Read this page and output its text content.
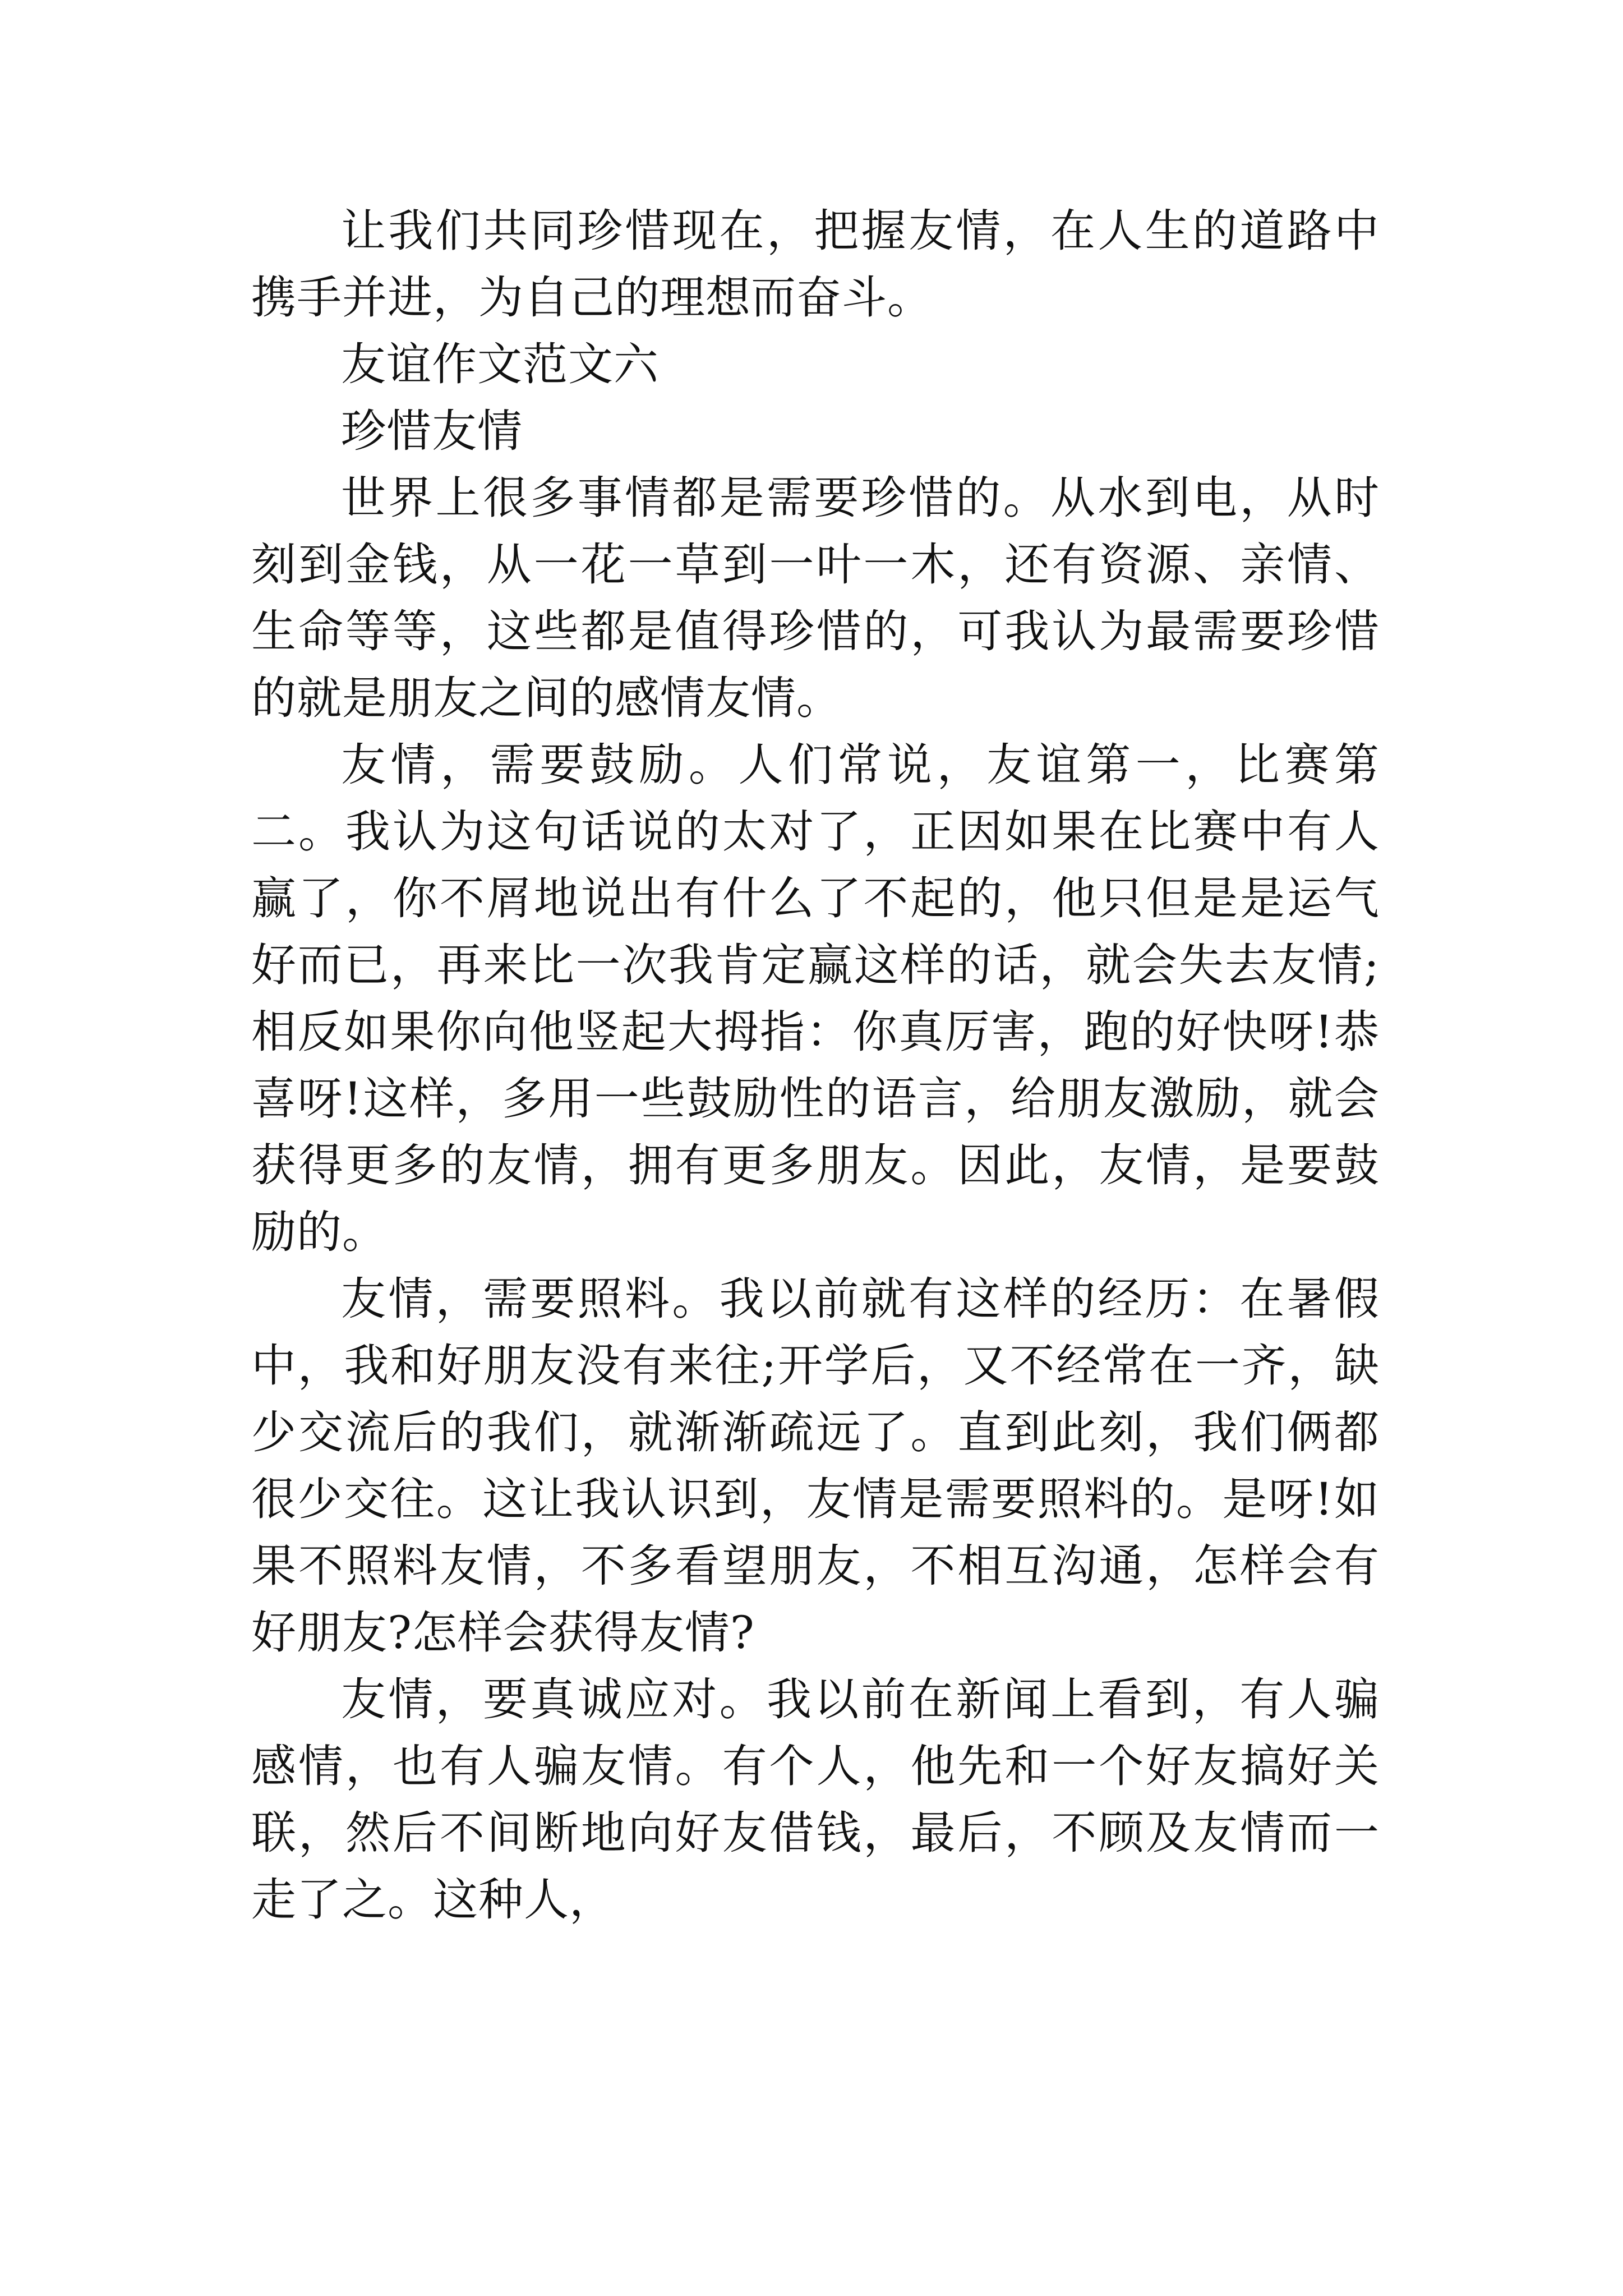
让我们共同珍惜现在，把握友情，在人生的道路中携手并进，为自己的理想而奋斗。

友谊作文范文六

珍惜友情

世界上很多事情都是需要珍惜的。从水到电，从时刻到金钱，从一花一草到一叶一木，还有资源、亲情、生命等等，这些都是值得珍惜的，可我认为最需要珍惜的就是朋友之间的感情友情。

友情，需要鼓励。人们常说，友谊第一，比赛第二。我认为这句话说的太对了，正因如果在比赛中有人赢了，你不屑地说出有什么了不起的，他只但是是运气好而已，再来比一次我肯定赢这样的话，就会失去友情;相反如果你向他竖起大拇指：你真厉害，跑的好快呀!恭喜呀!这样，多用一些鼓励性的语言，给朋友激励，就会获得更多的友情，拥有更多朋友。因此，友情，是要鼓励的。

友情，需要照料。我以前就有这样的经历：在暑假中，我和好朋友没有来往;开学后，又不经常在一齐，缺少交流后的我们，就渐渐疏远了。直到此刻，我们俩都很少交往。这让我认识到，友情是需要照料的。是呀!如果不照料友情，不多看望朋友，不相互沟通，怎样会有好朋友?怎样会获得友情?

友情，要真诚应对。我以前在新闻上看到，有人骗感情，也有人骗友情。有个人，他先和一个好友搞好关联，然后不间断地向好友借钱，最后，不顾及友情而一走了之。这种人，
